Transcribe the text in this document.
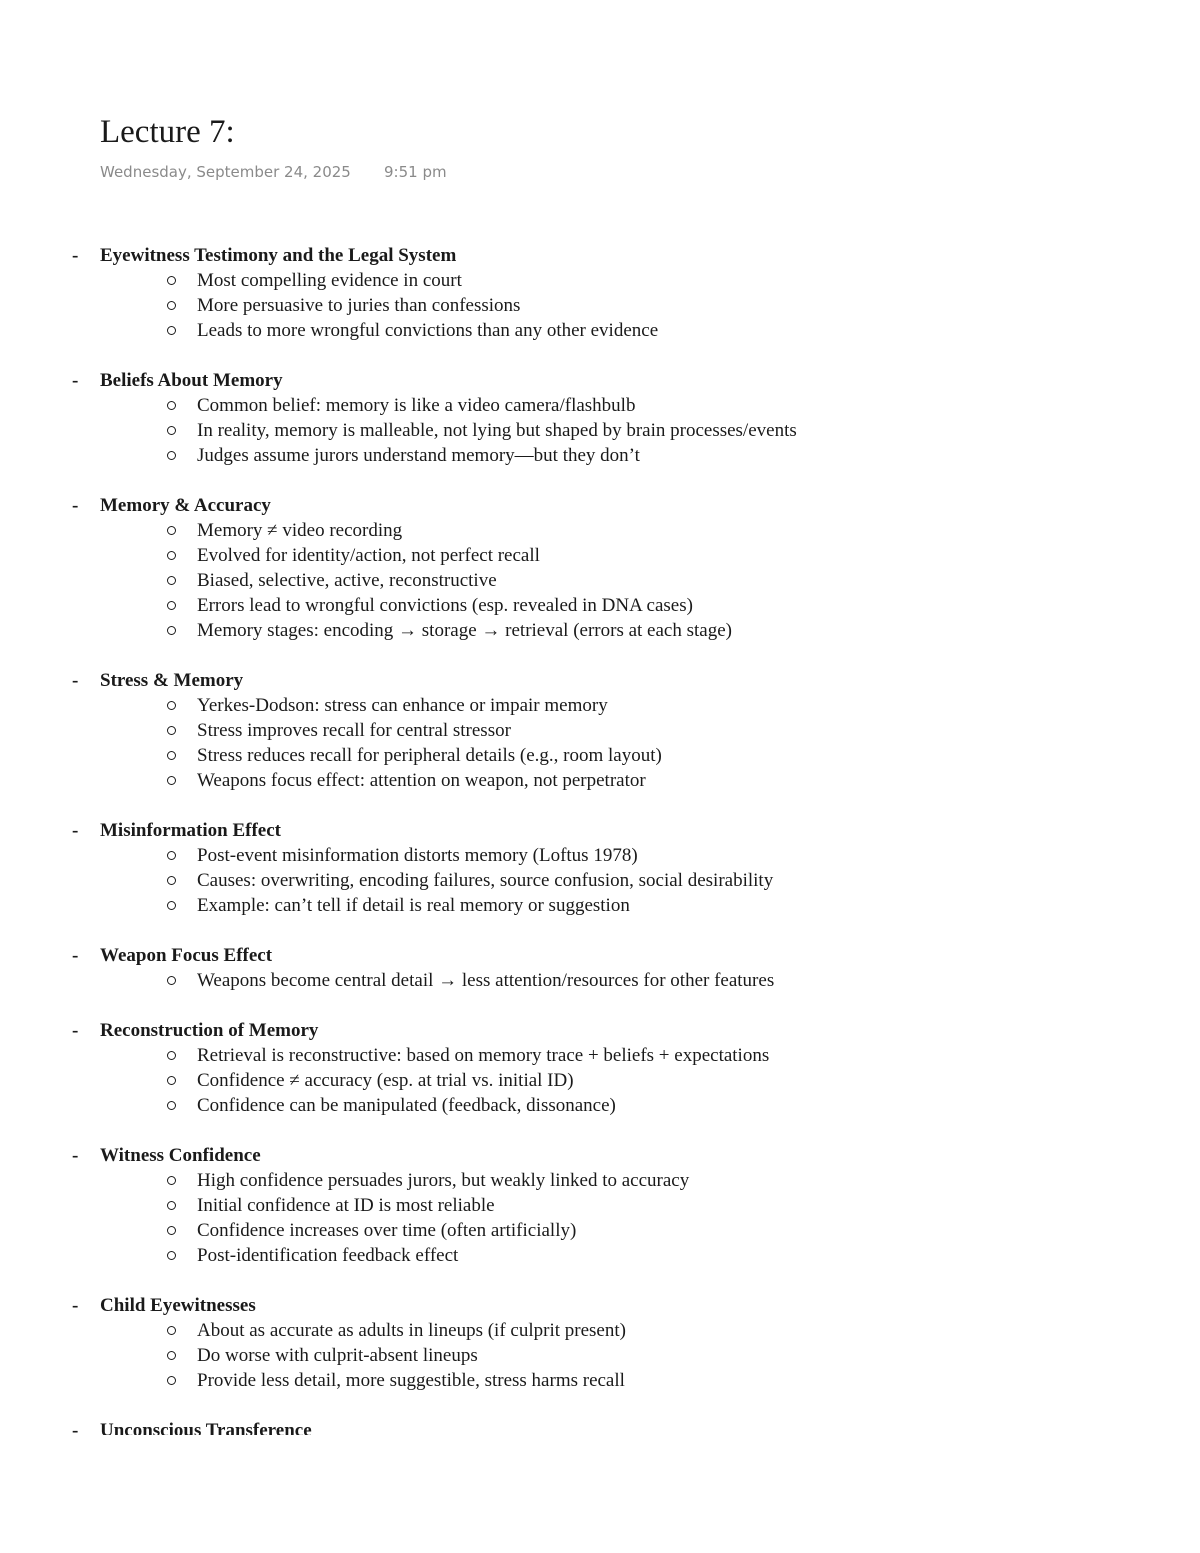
Lecture 7:
Wednesday, September 24, 2025 9:51 pm
- Eyewitness Testimony and the Legal System
Most compelling evidence in court
More persuasive to juries than confessions
Leads to more wrongful convictions than any other evidence
- Beliefs About Memory
Common belief: memory is like a video camera/flashbulb
In reality, memory is malleable, not lying but shaped by brain processes/events
Judges assume jurors understand memory—but they don’t
- Memory & Accuracy
Memory ≠ video recording
Evolved for identity/action, not perfect recall
Biased, selective, active, reconstructive
Errors lead to wrongful convictions (esp. revealed in DNA cases)
Memory stages: encoding → storage → retrieval (errors at each stage)
- Stress & Memory
Yerkes-Dodson: stress can enhance or impair memory
Stress improves recall for central stressor
Stress reduces recall for peripheral details (e.g., room layout)
Weapons focus effect: attention on weapon, not perpetrator
- Misinformation Effect
Post-event misinformation distorts memory (Loftus 1978)
Causes: overwriting, encoding failures, source confusion, social desirability
Example: can’t tell if detail is real memory or suggestion
- Weapon Focus Effect
Weapons become central detail → less attention/resources for other features
- Reconstruction of Memory
Retrieval is reconstructive: based on memory trace + beliefs + expectations
Confidence ≠ accuracy (esp. at trial vs. initial ID)
Confidence can be manipulated (feedback, dissonance)
- Witness Confidence
High confidence persuades jurors, but weakly linked to accuracy
Initial confidence at ID is most reliable
Confidence increases over time (often artificially)
Post-identification feedback effect
- Child Eyewitnesses
About as accurate as adults in lineups (if culprit present)
Do worse with culprit-absent lineups
Provide less detail, more suggestible, stress harms recall
- Unconscious Transference
